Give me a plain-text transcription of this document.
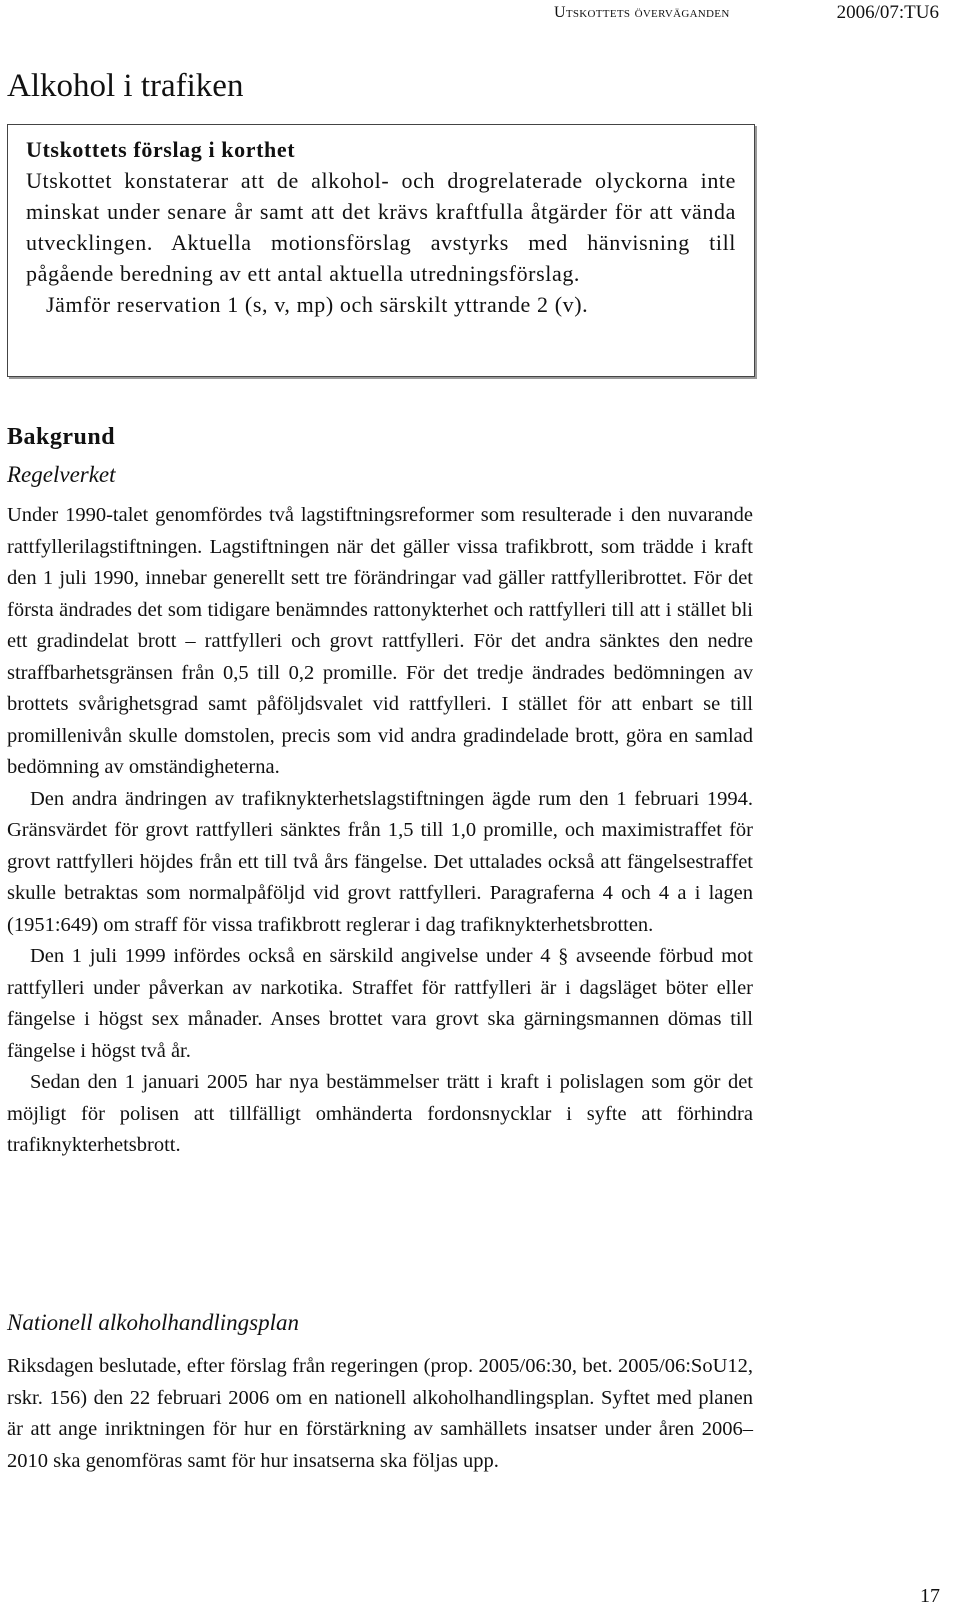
Utskottets överväganden	2006/07:TU6
Alkohol i trafiken

Utskottets förslag i korthet

Utskottet konstaterar att de alkohol- och drogrelaterade olyckorna inte minskat under senare år samt att det krävs kraftfulla åtgärder för att vända utvecklingen. Aktuella motionsförslag avstyrks med hänvisning till pågående beredning av ett antal aktuella utredningsförslag.

Jämför reservation 1 (s, v, mp) och särskilt yttrande 2 (v).

Bakgrund
Regelverket

Under 1990-talet genomfördes två lagstiftningsreformer som resulterade i den nuvarande rattfyllerilagstiftningen. Lagstiftningen när det gäller vissa trafikbrott, som trädde i kraft den 1 juli 1990, innebar generellt sett tre förändringar vad gäller rattfylleribrottet. För det första ändrades det som tidigare benämndes rattonykterhet och rattfylleri till att i stället bli ett gradindelat brott – rattfylleri och grovt rattfylleri. För det andra sänktes den nedre straffbarhetsgränsen från 0,5 till 0,2 promille. För det tredje ändrades bedömningen av brottets svårighetsgrad samt påföljdsvalet vid rattfylleri. I stället för att enbart se till promillenivån skulle domstolen, precis som vid andra gradindelade brott, göra en samlad bedömning av omständigheterna.

Den andra ändringen av trafiknykterhetslagstiftningen ägde rum den 1 februari 1994. Gränsvärdet för grovt rattfylleri sänktes från 1,5 till 1,0 promille, och maximistraffet för grovt rattfylleri höjdes från ett till två års fängelse. Det uttalades också att fängelsestraffet skulle betraktas som normalpåföljd vid grovt rattfylleri. Paragraferna 4 och 4 a i lagen (1951:649) om straff för vissa trafikbrott reglerar i dag trafiknykterhetsbrotten.

Den 1 juli 1999 infördes också en särskild angivelse under 4 § avseende förbud mot rattfylleri under påverkan av narkotika. Straffet för rattfylleri är i dagsläget böter eller fängelse i högst sex månader. Anses brottet vara grovt ska gärningsmannen dömas till fängelse i högst två år.

Sedan den 1 januari 2005 har nya bestämmelser trätt i kraft i polislagen som gör det möjligt för polisen att tillfälligt omhänderta fordonsnycklar i syfte att förhindra trafiknykterhetsbrott.

Nationell alkoholhandlingsplan

Riksdagen beslutade, efter förslag från regeringen (prop. 2005/06:30, bet. 2005/06:SoU12, rskr. 156) den 22 februari 2006 om en nationell alkoholhandlingsplan. Syftet med planen är att ange inriktningen för hur en förstärkning av samhällets insatser under åren 2006–2010 ska genomföras samt för hur insatserna ska följas upp.

17
